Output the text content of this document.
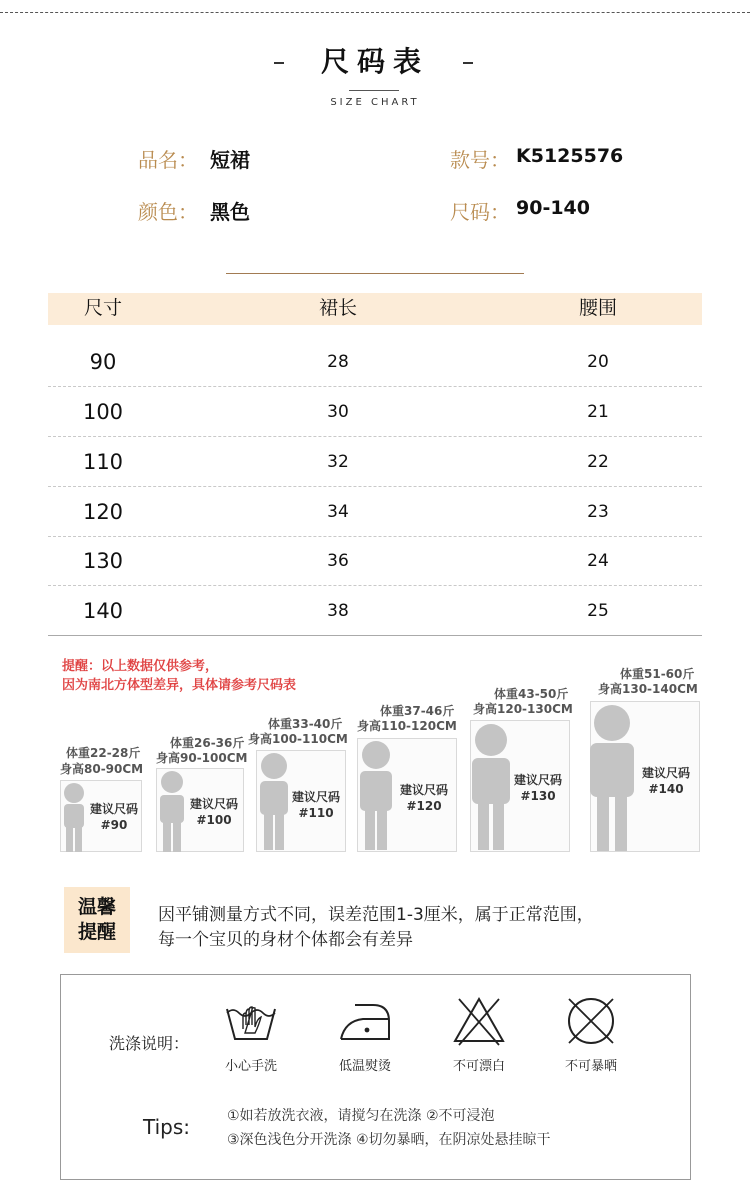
尺码表
SIZE CHART
品名： 短裙	款号： K5125576
颜色： 黑色	尺码： 90-140
尺寸	裙长	腰围
90	28	20
100	30	21
110	32	22
120	34	23
130	36	24
140	38	25
提醒：以上数据仅供参考，
因为南北方体型差异，具体请参考尺码表
体重22-28斤
身高80-90CM
建议尺码
#90
体重26-36斤
身高90-100CM
建议尺码
#100
体重33-40斤
身高100-110CM
建议尺码
#110
体重37-46斤
身高110-120CM
建议尺码
#120
体重43-50斤
身高120-130CM
建议尺码
#130
体重51-60斤
身高130-140CM
建议尺码
#140
温馨
提醒
因平铺测量方式不同，误差范围1-3厘米，属于正常范围，
每一个宝贝的身材个体都会有差异
洗涤说明：
小心手洗	低温熨烫	不可漂白	不可暴晒
Tips:	①如若放洗衣液，请搅匀在洗涤 ②不可浸泡
③深色浅色分开洗涤 ④切勿暴晒，在阴凉处悬挂晾干
